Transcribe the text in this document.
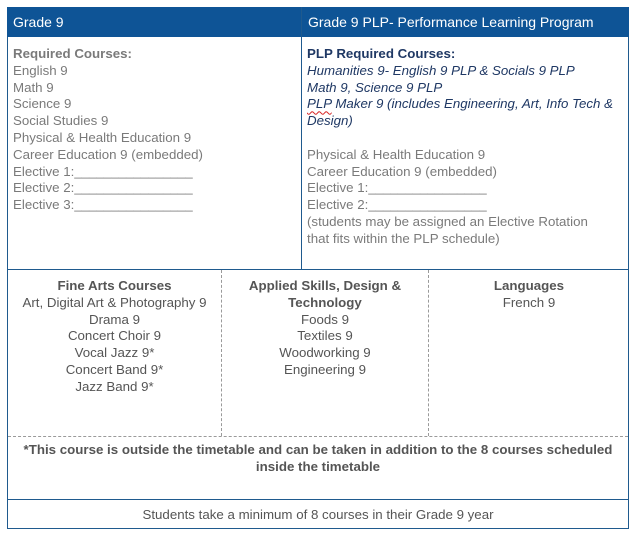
Grade 9	Grade 9 PLP- Performance Learning Program
Required Courses:
English 9
Math 9
Science 9
Social Studies 9
Physical & Health Education 9
Career Education 9 (embedded)
Elective 1:________________
Elective 2:________________
Elective 3:________________
PLP Required Courses:
Humanities 9- English 9 PLP & Socials 9 PLP
Math 9, Science 9 PLP
PLP Maker 9 (includes Engineering, Art, Info Tech &
Design)
Physical & Health Education 9
Career Education 9 (embedded)
Elective 1:________________
Elective 2:________________
(students may be assigned an Elective Rotation
that fits within the PLP schedule)
Fine Arts Courses
Art, Digital Art & Photography 9
Drama 9
Concert Choir 9
Vocal Jazz 9*
Concert Band 9*
Jazz Band 9*
Applied Skills, Design &
Technology
Foods 9
Textiles 9
Woodworking 9
Engineering 9
Languages
French 9
*This course is outside the timetable and can be taken in addition to the 8 courses scheduled
inside the timetable
Students take a minimum of 8 courses in their Grade 9 year
